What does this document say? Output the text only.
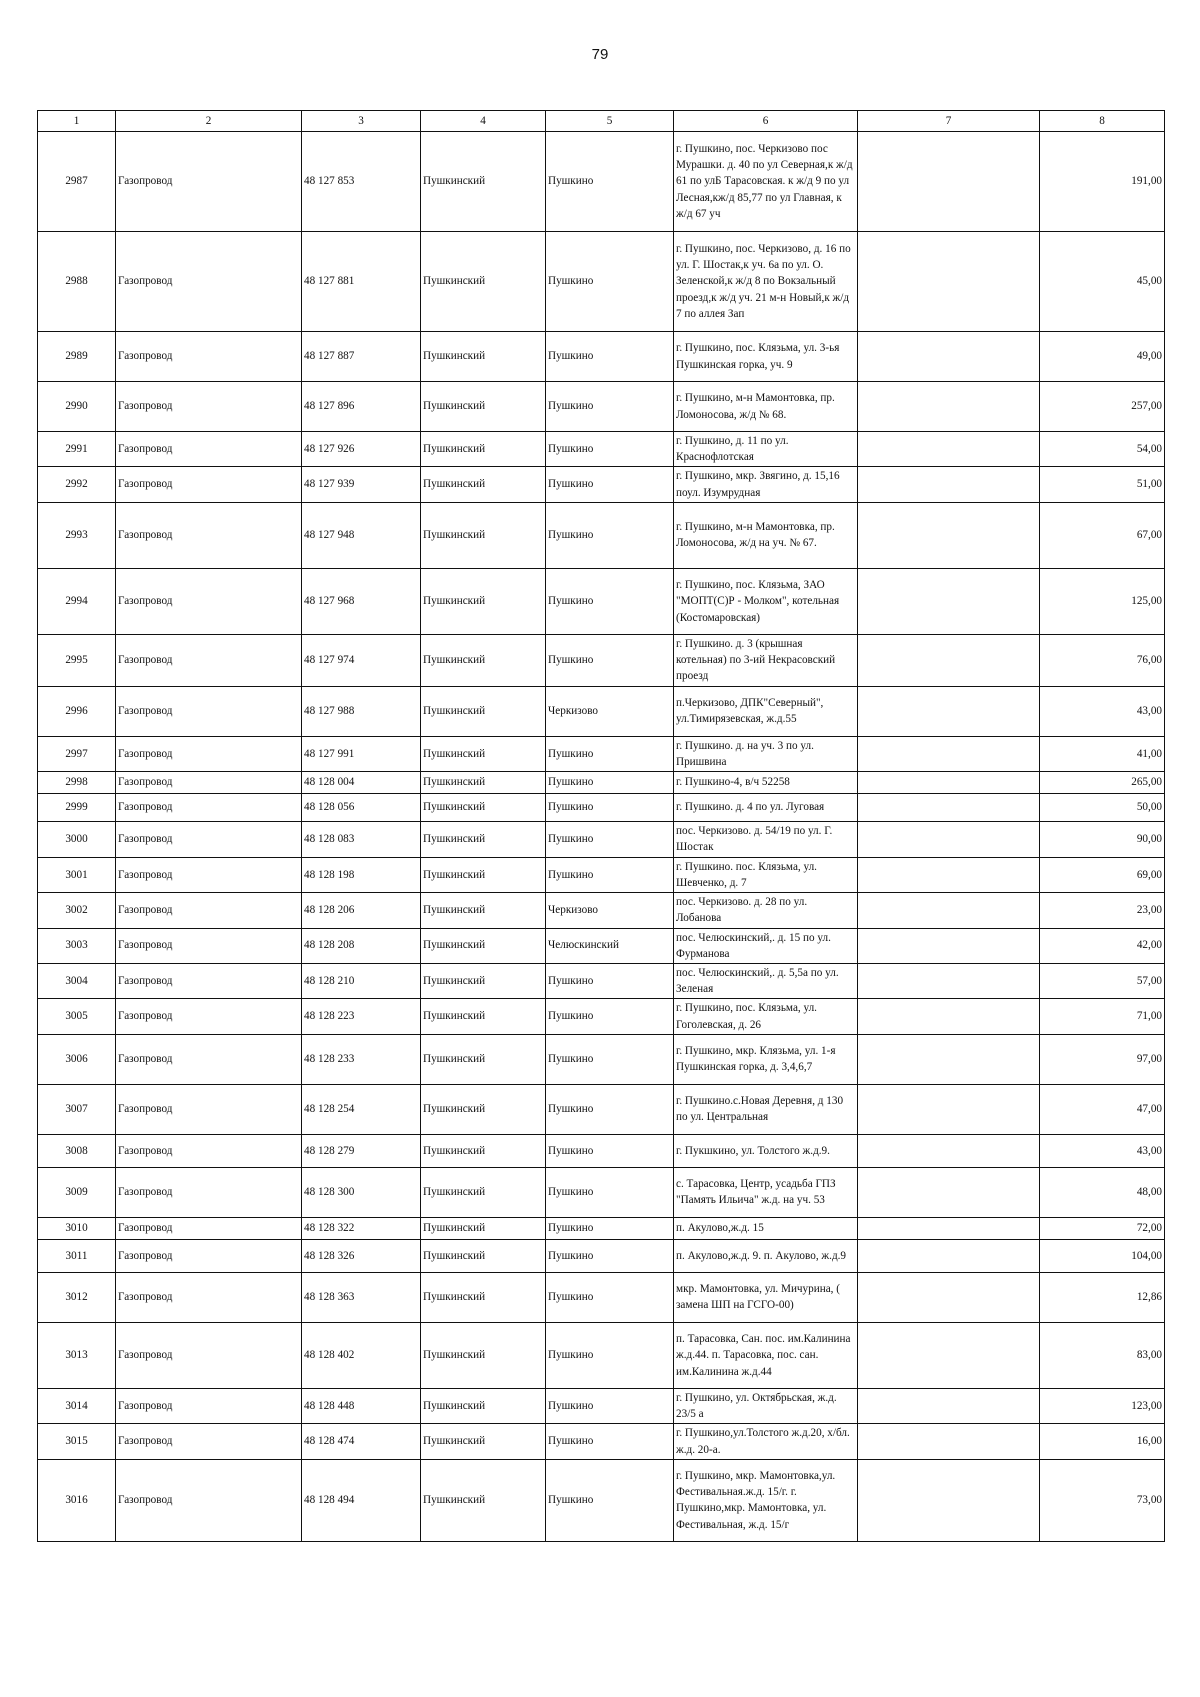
79
1	2	3	4	5	6	7	8
2987	Газопровод	48 127 853	Пушкинский	Пушкино	г. Пушкино, пос. Черкизово пос Мурашки. д. 40 по ул Северная,к ж/д 61 по улБ Тарасовская. к ж/д 9 по ул Лесная,кж/д 85,77 по ул Главная, к ж/д 67 уч		191,00
2988	Газопровод	48 127 881	Пушкинский	Пушкино	г. Пушкино, пос. Черкизово, д. 16 по ул. Г. Шостак,к уч. 6а по ул. О. Зеленской,к ж/д 8 по Вокзальный проезд,к ж/д уч. 21 м-н Новый,к ж/д 7 по аллея Зап		45,00
2989	Газопровод	48 127 887	Пушкинский	Пушкино	г. Пушкино, пос. Клязьма, ул. 3-ья Пушкинская горка, уч. 9		49,00
2990	Газопровод	48 127 896	Пушкинский	Пушкино	г. Пушкино, м-н Мамонтовка, пр. Ломоносова, ж/д № 68.		257,00
2991	Газопровод	48 127 926	Пушкинский	Пушкино	г. Пушкино, д. 11 по ул. Краснофлотская		54,00
2992	Газопровод	48 127 939	Пушкинский	Пушкино	г. Пушкино, мкр. Звягино, д. 15,16 поул. Изумрудная		51,00
2993	Газопровод	48 127 948	Пушкинский	Пушкино	г. Пушкино, м-н Мамонтовка, пр. Ломоносова, ж/д на уч. № 67.		67,00
2994	Газопровод	48 127 968	Пушкинский	Пушкино	г. Пушкино, пос. Клязьма, ЗАО "МОПТ(С)Р - Молком", котельная (Костомаровская)		125,00
2995	Газопровод	48 127 974	Пушкинский	Пушкино	г. Пушкино. д. 3 (крышная котельная) по 3-ий Некрасовский проезд		76,00
2996	Газопровод	48 127 988	Пушкинский	Черкизово	п.Черкизово, ДПК"Северный", ул.Тимирязевская, ж.д.55		43,00
2997	Газопровод	48 127 991	Пушкинский	Пушкино	г. Пушкино. д. на уч. 3 по ул. Пришвина		41,00
2998	Газопровод	48 128 004	Пушкинский	Пушкино	г. Пушкино-4, в/ч 52258		265,00
2999	Газопровод	48 128 056	Пушкинский	Пушкино	г. Пушкино. д. 4 по ул. Луговая		50,00
3000	Газопровод	48 128 083	Пушкинский	Пушкино	пос. Черкизово. д. 54/19 по ул. Г. Шостак		90,00
3001	Газопровод	48 128 198	Пушкинский	Пушкино	г. Пушкино. пос. Клязьма, ул. Шевченко, д. 7		69,00
3002	Газопровод	48 128 206	Пушкинский	Черкизово	пос. Черкизово. д. 28 по ул. Лобанова		23,00
3003	Газопровод	48 128 208	Пушкинский	Челюскинский	пос. Челюскинский,. д. 15 по ул. Фурманова		42,00
3004	Газопровод	48 128 210	Пушкинский	Пушкино	пос. Челюскинский,. д. 5,5а по ул. Зеленая		57,00
3005	Газопровод	48 128 223	Пушкинский	Пушкино	г. Пушкино, пос. Клязьма, ул. Гоголевская, д. 26		71,00
3006	Газопровод	48 128 233	Пушкинский	Пушкино	г. Пушкино, мкр. Клязьма, ул. 1-я Пушкинская горка, д. 3,4,6,7		97,00
3007	Газопровод	48 128 254	Пушкинский	Пушкино	г. Пушкино.с.Новая Деревня, д 130 по ул. Центральная		47,00
3008	Газопровод	48 128 279	Пушкинский	Пушкино	г. Пукшкино, ул. Толстого ж.д.9.		43,00
3009	Газопровод	48 128 300	Пушкинский	Пушкино	с. Тарасовка, Центр, усадьба ГПЗ "Память Ильича" ж.д. на уч. 53		48,00
3010	Газопровод	48 128 322	Пушкинский	Пушкино	п. Акулово,ж.д. 15		72,00
3011	Газопровод	48 128 326	Пушкинский	Пушкино	п. Акулово,ж.д. 9. п. Акулово, ж.д.9		104,00
3012	Газопровод	48 128 363	Пушкинский	Пушкино	мкр. Мамонтовка, ул. Мичурина, ( замена ШП на ГСГО-00)		12,86
3013	Газопровод	48 128 402	Пушкинский	Пушкино	п. Тарасовка, Сан. пос. им.Калинина ж.д.44. п. Тарасовка, пос. сан. им.Калинина ж.д.44		83,00
3014	Газопровод	48 128 448	Пушкинский	Пушкино	г. Пушкино, ул. Октябрьская, ж.д. 23/5 а		123,00
3015	Газопровод	48 128 474	Пушкинский	Пушкино	г. Пушкино,ул.Толстого ж.д.20, х/бл. ж.д. 20-а.		16,00
3016	Газопровод	48 128 494	Пушкинский	Пушкино	г. Пушкино, мкр. Мамонтовка,ул. Фестивальная.ж.д. 15/г. г. Пушкино,мкр. Мамонтовка, ул. Фестивальная, ж.д. 15/г		73,00
